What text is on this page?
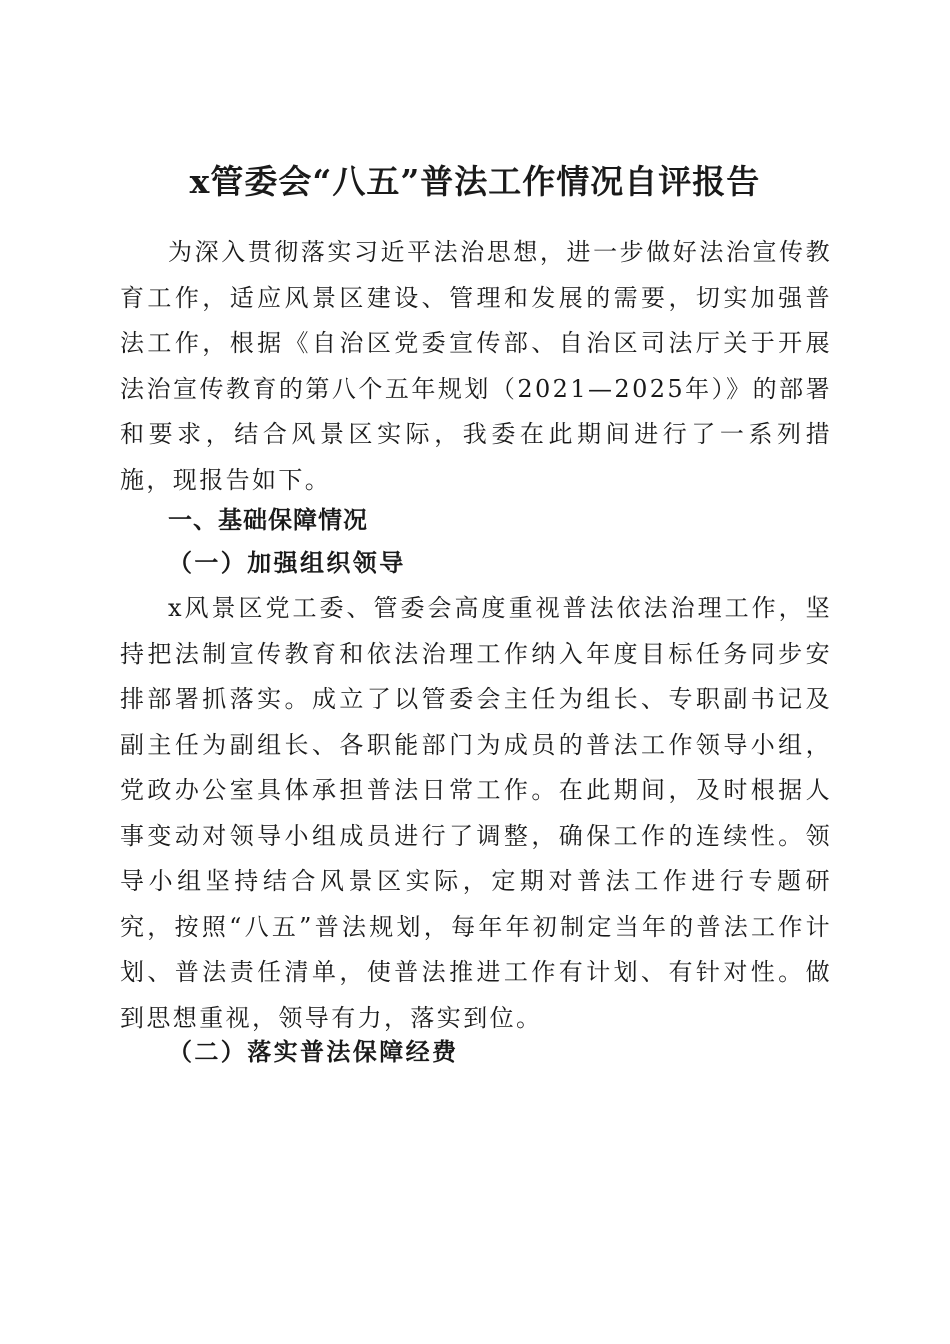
x管委会“八五”普法工作情况自评报告

为深入贯彻落实习近平法治思想，进一步做好法治宣传教育工作，适应风景区建设、管理和发展的需要，切实加强普法工作，根据《自治区党委宣传部、自治区司法厅关于开展法治宣传教育的第八个五年规划（2021—2025年）》的部署和要求，结合风景区实际，我委在此期间进行了一系列措施，现报告如下。

一、基础保障情况
（一）加强组织领导

x风景区党工委、管委会高度重视普法依法治理工作，坚持把法制宣传教育和依法治理工作纳入年度目标任务同步安排部署抓落实。成立了以管委会主任为组长、专职副书记及副主任为副组长、各职能部门为成员的普法工作领导小组，党政办公室具体承担普法日常工作。在此期间，及时根据人事变动对领导小组成员进行了调整，确保工作的连续性。领导小组坚持结合风景区实际，定期对普法工作进行专题研究，按照“八五”普法规划，每年年初制定当年的普法工作计划、普法责任清单，使普法推进工作有计划、有针对性。做到思想重视，领导有力，落实到位。

（二）落实普法保障经费
